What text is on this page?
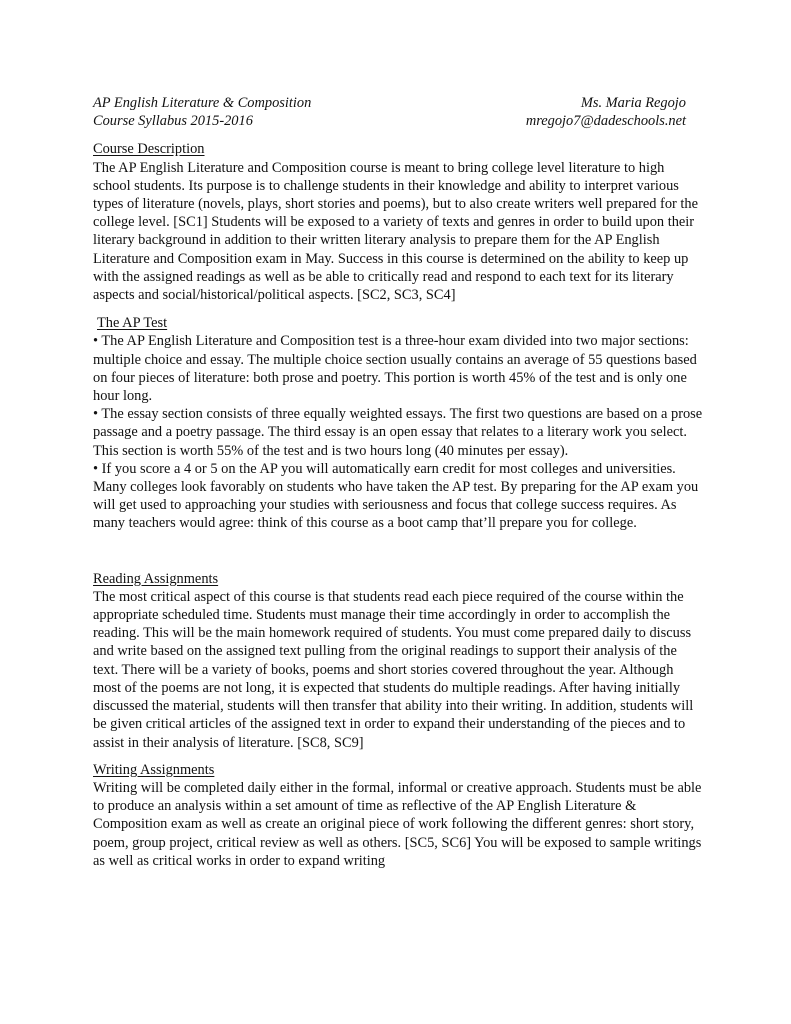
AP English Literature & Composition
Course Syllabus 2015-2016
Ms. Maria Regojo
mregojo7@dadeschools.net
Course Description

The AP English Literature and Composition course is meant to bring college level literature to high school students. Its purpose is to challenge students in their knowledge and ability to interpret various types of literature (novels, plays, short stories and poems), but to also create writers well prepared for the college level. [SC1] Students will be exposed to a variety of texts and genres in order to build upon their literary background in addition to their written literary analysis to prepare them for the AP English Literature and Composition exam in May. Success in this course is determined on the ability to keep up with the assigned readings as well as be able to critically read and respond to each text for its literary aspects and social/historical/political aspects. [SC2, SC3, SC4]

The AP Test

• The AP English Literature and Composition test is a three-hour exam divided into two major sections: multiple choice and essay. The multiple choice section usually contains an average of 55 questions based on four pieces of literature: both prose and poetry. This portion is worth 45% of the test and is only one hour long.

• The essay section consists of three equally weighted essays. The first two questions are based on a prose passage and a poetry passage. The third essay is an open essay that relates to a literary work you select. This section is worth 55% of the test and is two hours long (40 minutes per essay).

• If you score a 4 or 5 on the AP you will automatically earn credit for most colleges and universities. Many colleges look favorably on students who have taken the AP test. By preparing for the AP exam you will get used to approaching your studies with seriousness and focus that college success requires. As many teachers would agree: think of this course as a boot camp that’ll prepare you for college.

Reading Assignments

The most critical aspect of this course is that students read each piece required of the course within the appropriate scheduled time. Students must manage their time accordingly in order to accomplish the reading. This will be the main homework required of students. You must come prepared daily to discuss and write based on the assigned text pulling from the original readings to support their analysis of the text. There will be a variety of books, poems and short stories covered throughout the year. Although most of the poems are not long, it is expected that students do multiple readings. After having initially discussed the material, students will then transfer that ability into their writing. In addition, students will be given critical articles of the assigned text in order to expand their understanding of the pieces and to assist in their analysis of literature. [SC8, SC9]

Writing Assignments

Writing will be completed daily either in the formal, informal or creative approach. Students must be able to produce an analysis within a set amount of time as reflective of the AP English Literature & Composition exam as well as create an original piece of work following the different genres: short story, poem, group project, critical review as well as others. [SC5, SC6] You will be exposed to sample writings as well as critical works in order to expand writing
